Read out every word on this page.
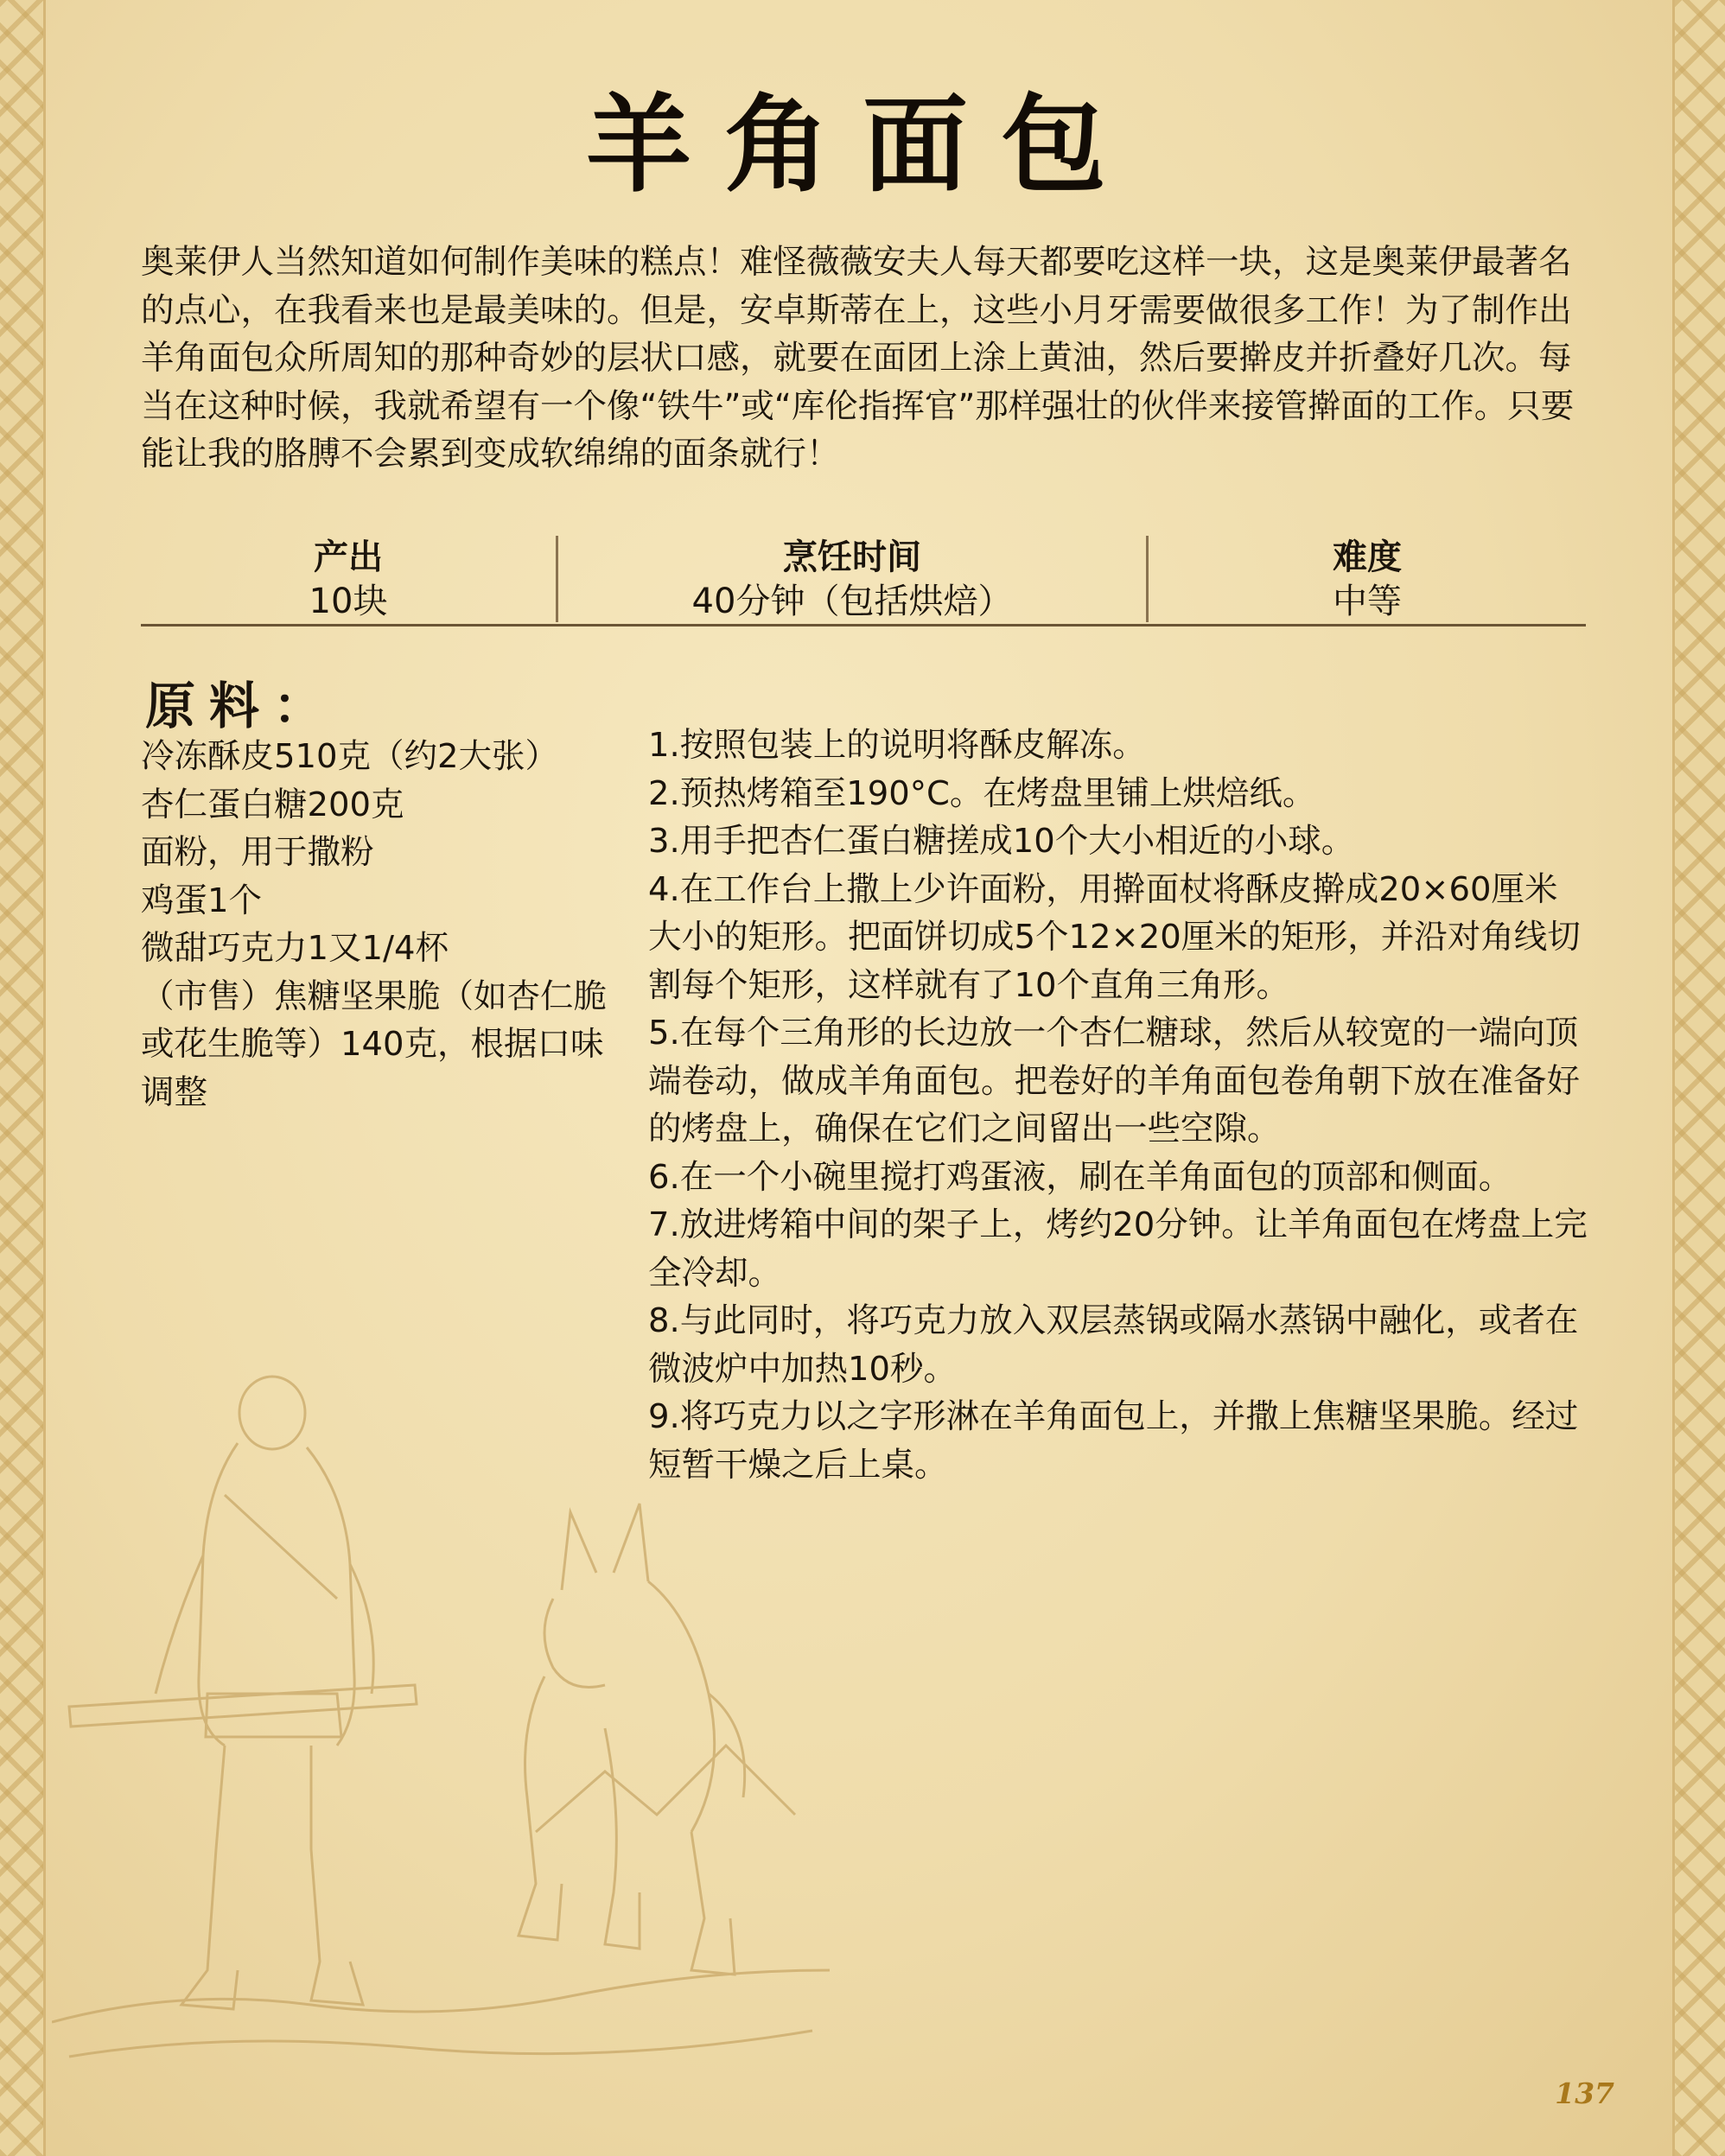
羊角面包
奥莱伊人当然知道如何制作美味的糕点！难怪薇薇安夫人每天都要吃这样一块，这是奥莱伊最著名的点心，在我看来也是最美味的。但是，安卓斯蒂在上，这些小月牙需要做很多工作！为了制作出羊角面包众所周知的那种奇妙的层状口感，就要在面团上涂上黄油，然后要擀皮并折叠好几次。每当在这种时候，我就希望有一个像“铁牛”或“库伦指挥官”那样强壮的伙伴来接管擀面的工作。只要能让我的胳膊不会累到变成软绵绵的面条就行！
产出
10块
烹饪时间
40分钟（包括烘焙）
难度
中等
原料：
冷冻酥皮510克（约2大张）
杏仁蛋白糖200克
面粉，用于撒粉
鸡蛋1个
微甜巧克力1又1/4杯
（市售）焦糖坚果脆（如杏仁脆或花生脆等）140克，根据口味调整
1.按照包装上的说明将酥皮解冻。
2.预热烤箱至190°C。在烤盘里铺上烘焙纸。
3.用手把杏仁蛋白糖搓成10个大小相近的小球。
4.在工作台上撒上少许面粉，用擀面杖将酥皮擀成20×60厘米大小的矩形。把面饼切成5个12×20厘米的矩形，并沿对角线切割每个矩形，这样就有了10个直角三角形。
5.在每个三角形的长边放一个杏仁糖球，然后从较宽的一端向顶端卷动，做成羊角面包。把卷好的羊角面包卷角朝下放在准备好的烤盘上，确保在它们之间留出一些空隙。
6.在一个小碗里搅打鸡蛋液，刷在羊角面包的顶部和侧面。
7.放进烤箱中间的架子上，烤约20分钟。让羊角面包在烤盘上完全冷却。
8.与此同时，将巧克力放入双层蒸锅或隔水蒸锅中融化，或者在微波炉中加热10秒。
9.将巧克力以之字形淋在羊角面包上，并撒上焦糖坚果脆。经过短暂干燥之后上桌。
137
